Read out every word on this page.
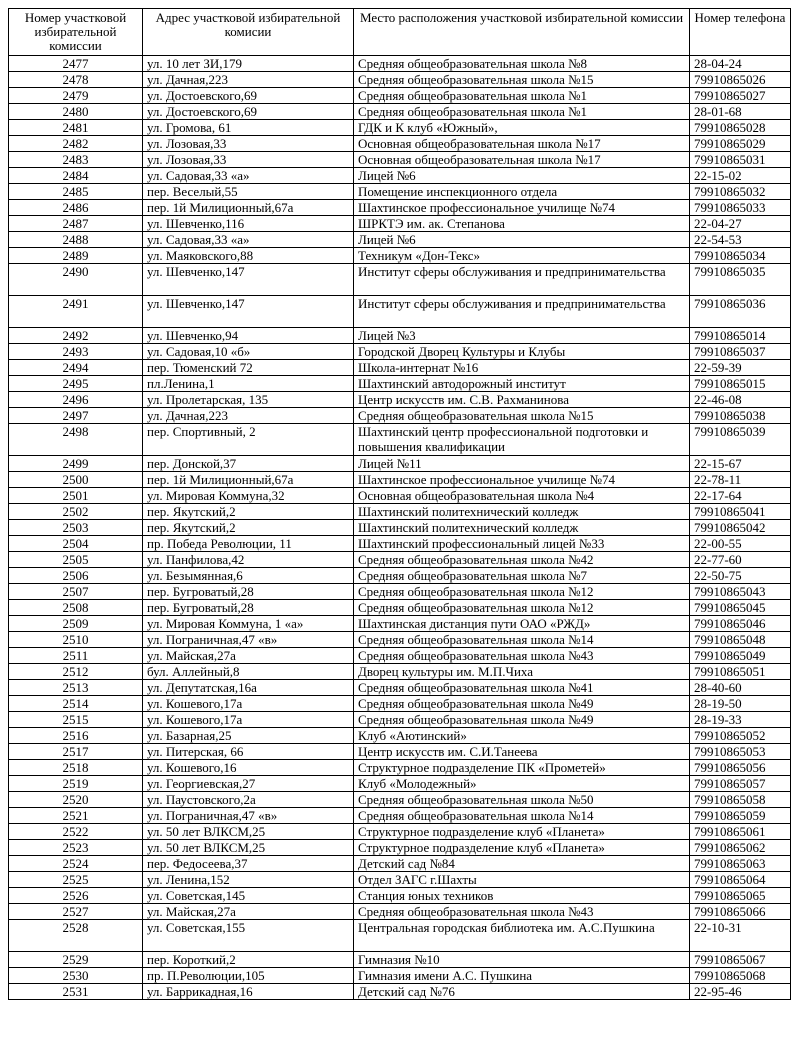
Номер участковой избирательной комиссии	Адрес участковой избирательной комисии	Место расположения участковой избирательной комиссии	Номер телефона
2477	ул. 10 лет ЗИ,179	Средняя общеобразовательная школа №8	28-04-24
2478	ул. Дачная,223	Средняя общеобразовательная школа №15	79910865026
2479	ул. Достоевского,69	Средняя общеобразовательная школа №1	79910865027
2480	ул. Достоевского,69	Средняя общеобразовательная школа №1	28-01-68
2481	ул. Громова, 61	ГДК и К клуб «Южный»,	79910865028
2482	ул. Лозовая,33	Основная общеобразовательная школа №17	79910865029
2483	ул. Лозовая,33	Основная общеобразовательная школа №17	79910865031
2484	ул. Садовая,33 «а»	Лицей №6	22-15-02
2485	пер. Веселый,55	Помещение инспекционного отдела	79910865032
2486	пер. 1й Милиционный,67а	Шахтинское профессиональное училище №74	79910865033
2487	ул. Шевченко,116	ШРКТЭ им. ак. Степанова	22-04-27
2488	ул. Садовая,33 «а»	Лицей №6	22-54-53
2489	ул. Маяковского,88	Техникум «Дон-Текс»	79910865034
2490	ул. Шевченко,147	Институт сферы обслуживания и предпринимательства	79910865035
2491	ул. Шевченко,147	Институт сферы обслуживания и предпринимательства	79910865036
2492	ул. Шевченко,94	Лицей №3	79910865014
2493	ул. Садовая,10 «б»	Городской Дворец Культуры и Клубы	79910865037
2494	пер. Тюменский 72	Школа-интернат №16	22-59-39
2495	пл.Ленина,1	Шахтинский автодорожный институт	79910865015
2496	ул. Пролетарская, 135	Центр искусств им. С.В. Рахманинова	22-46-08
2497	ул. Дачная,223	Средняя общеобразовательная школа №15	79910865038
2498	пер. Спортивный, 2	Шахтинский центр профессиональной подготовки и повышения квалификации	79910865039
2499	пер. Донской,37	Лицей №11	22-15-67
2500	пер. 1й Милиционный,67а	Шахтинское профессиональное училище №74	22-78-11
2501	ул. Мировая Коммуна,32	Основная общеобразовательная школа №4	22-17-64
2502	пер. Якутский,2	Шахтинский политехнический колледж	79910865041
2503	пер. Якутский,2	Шахтинский политехнический колледж	79910865042
2504	пр. Победа Революции, 11	Шахтинский профессиональный лицей №33	22-00-55
2505	ул. Панфилова,42	Средняя общеобразовательная школа №42	22-77-60
2506	ул. Безымянная,6	Средняя общеобразовательная школа №7	22-50-75
2507	пер. Бугроватый,28	Средняя общеобразовательная школа №12	79910865043
2508	пер. Бугроватый,28	Средняя общеобразовательная школа №12	79910865045
2509	ул. Мировая Коммуна, 1 «а»	Шахтинская дистанция пути ОАО «РЖД»	79910865046
2510	ул. Пограничная,47 «в»	Средняя общеобразовательная школа №14	79910865048
2511	ул. Майская,27а	Средняя общеобразовательная школа №43	79910865049
2512	бул. Аллейный,8	Дворец культуры им. М.П.Чиха	79910865051
2513	ул. Депутатская,16а	Средняя общеобразовательная школа №41	28-40-60
2514	ул. Кошевого,17а	Средняя общеобразовательная школа №49	28-19-50
2515	ул. Кошевого,17а	Средняя общеобразовательная школа №49	28-19-33
2516	ул. Базарная,25	Клуб «Аютинский»	79910865052
2517	ул. Питерская, 66	Центр искусств им. С.И.Танеева	79910865053
2518	ул. Кошевого,16	Структурное подразделение ПК «Прометей»	79910865056
2519	ул. Георгиевская,27	Клуб «Молодежный»	79910865057
2520	ул. Паустовского,2а	Средняя общеобразовательная школа №50	79910865058
2521	ул. Пограничная,47 «в»	Средняя общеобразовательная школа №14	79910865059
2522	ул. 50 лет ВЛКСМ,25	Структурное подразделение клуб «Планета»	79910865061
2523	ул. 50 лет ВЛКСМ,25	Структурное подразделение клуб «Планета»	79910865062
2524	пер. Федосеева,37	Детский сад №84	79910865063
2525	ул. Ленина,152	Отдел ЗАГС г.Шахты	79910865064
2526	ул. Советская,145	Станция юных техников	79910865065
2527	ул. Майская,27а	Средняя общеобразовательная школа №43	79910865066
2528	ул. Советская,155	Центральная городская библиотека им. А.С.Пушкина	22-10-31
2529	пер. Короткий,2	Гимназия №10	79910865067
2530	пр. П.Революции,105	Гимназия имени А.С. Пушкина	79910865068
2531	ул. Баррикадная,16	Детский сад №76	22-95-46
